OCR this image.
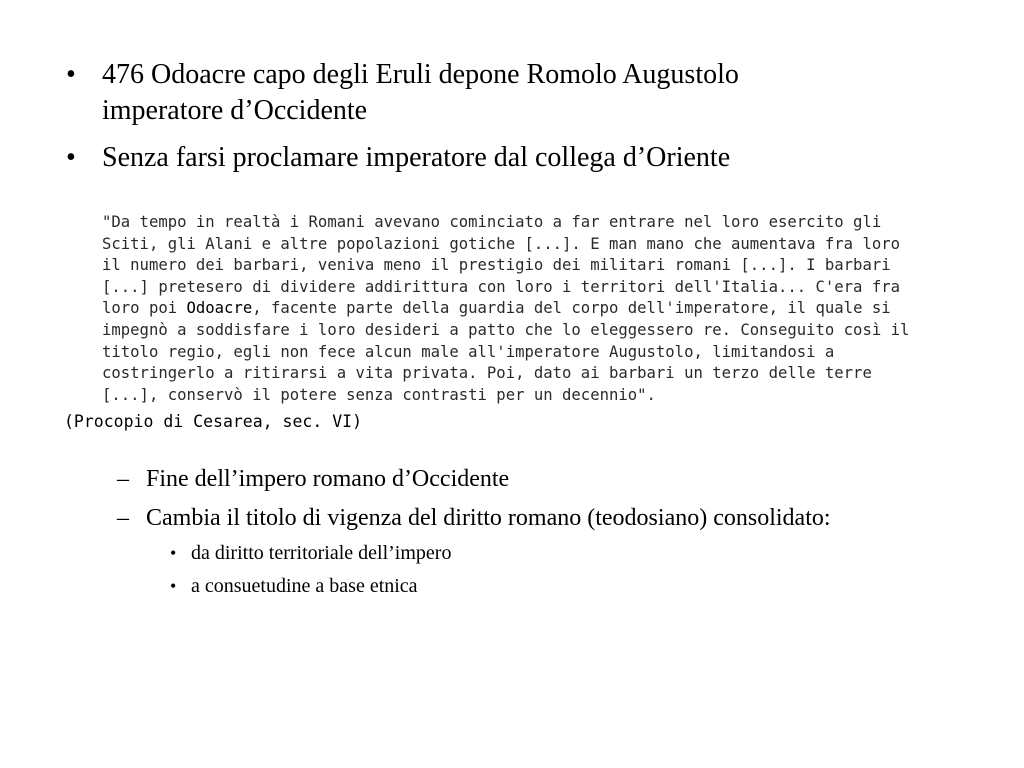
• 476 Odoacre capo degli Eruli depone Romolo Augustolo
imperatore d’Occidente
• Senza farsi proclamare imperatore dal collega d’Oriente
"Da tempo in realtà i Romani avevano cominciato a far entrare nel loro esercito gli
Sciti, gli Alani e altre popolazioni gotiche [...]. E man mano che aumentava fra loro
il numero dei barbari, veniva meno il prestigio dei militari romani [...]. I barbari
[...] pretesero di dividere addirittura con loro i territori dell'Italia... C'era fra
loro poi Odoacre, facente parte della guardia del corpo dell'imperatore, il quale si
impegnò a soddisfare i loro desideri a patto che lo eleggessero re. Conseguito così il
titolo regio, egli non fece alcun male all'imperatore Augustolo, limitandosi a
costringerlo a ritirarsi a vita privata. Poi, dato ai barbari un terzo delle terre
[...], conservò il potere senza contrasti per un decennio".
(Procopio di Cesarea, sec. VI)
– Fine dell’impero romano d’Occidente
– Cambia il titolo di vigenza del diritto romano (teodosiano) consolidato:
• da diritto territoriale dell’impero
• a consuetudine a base etnica
